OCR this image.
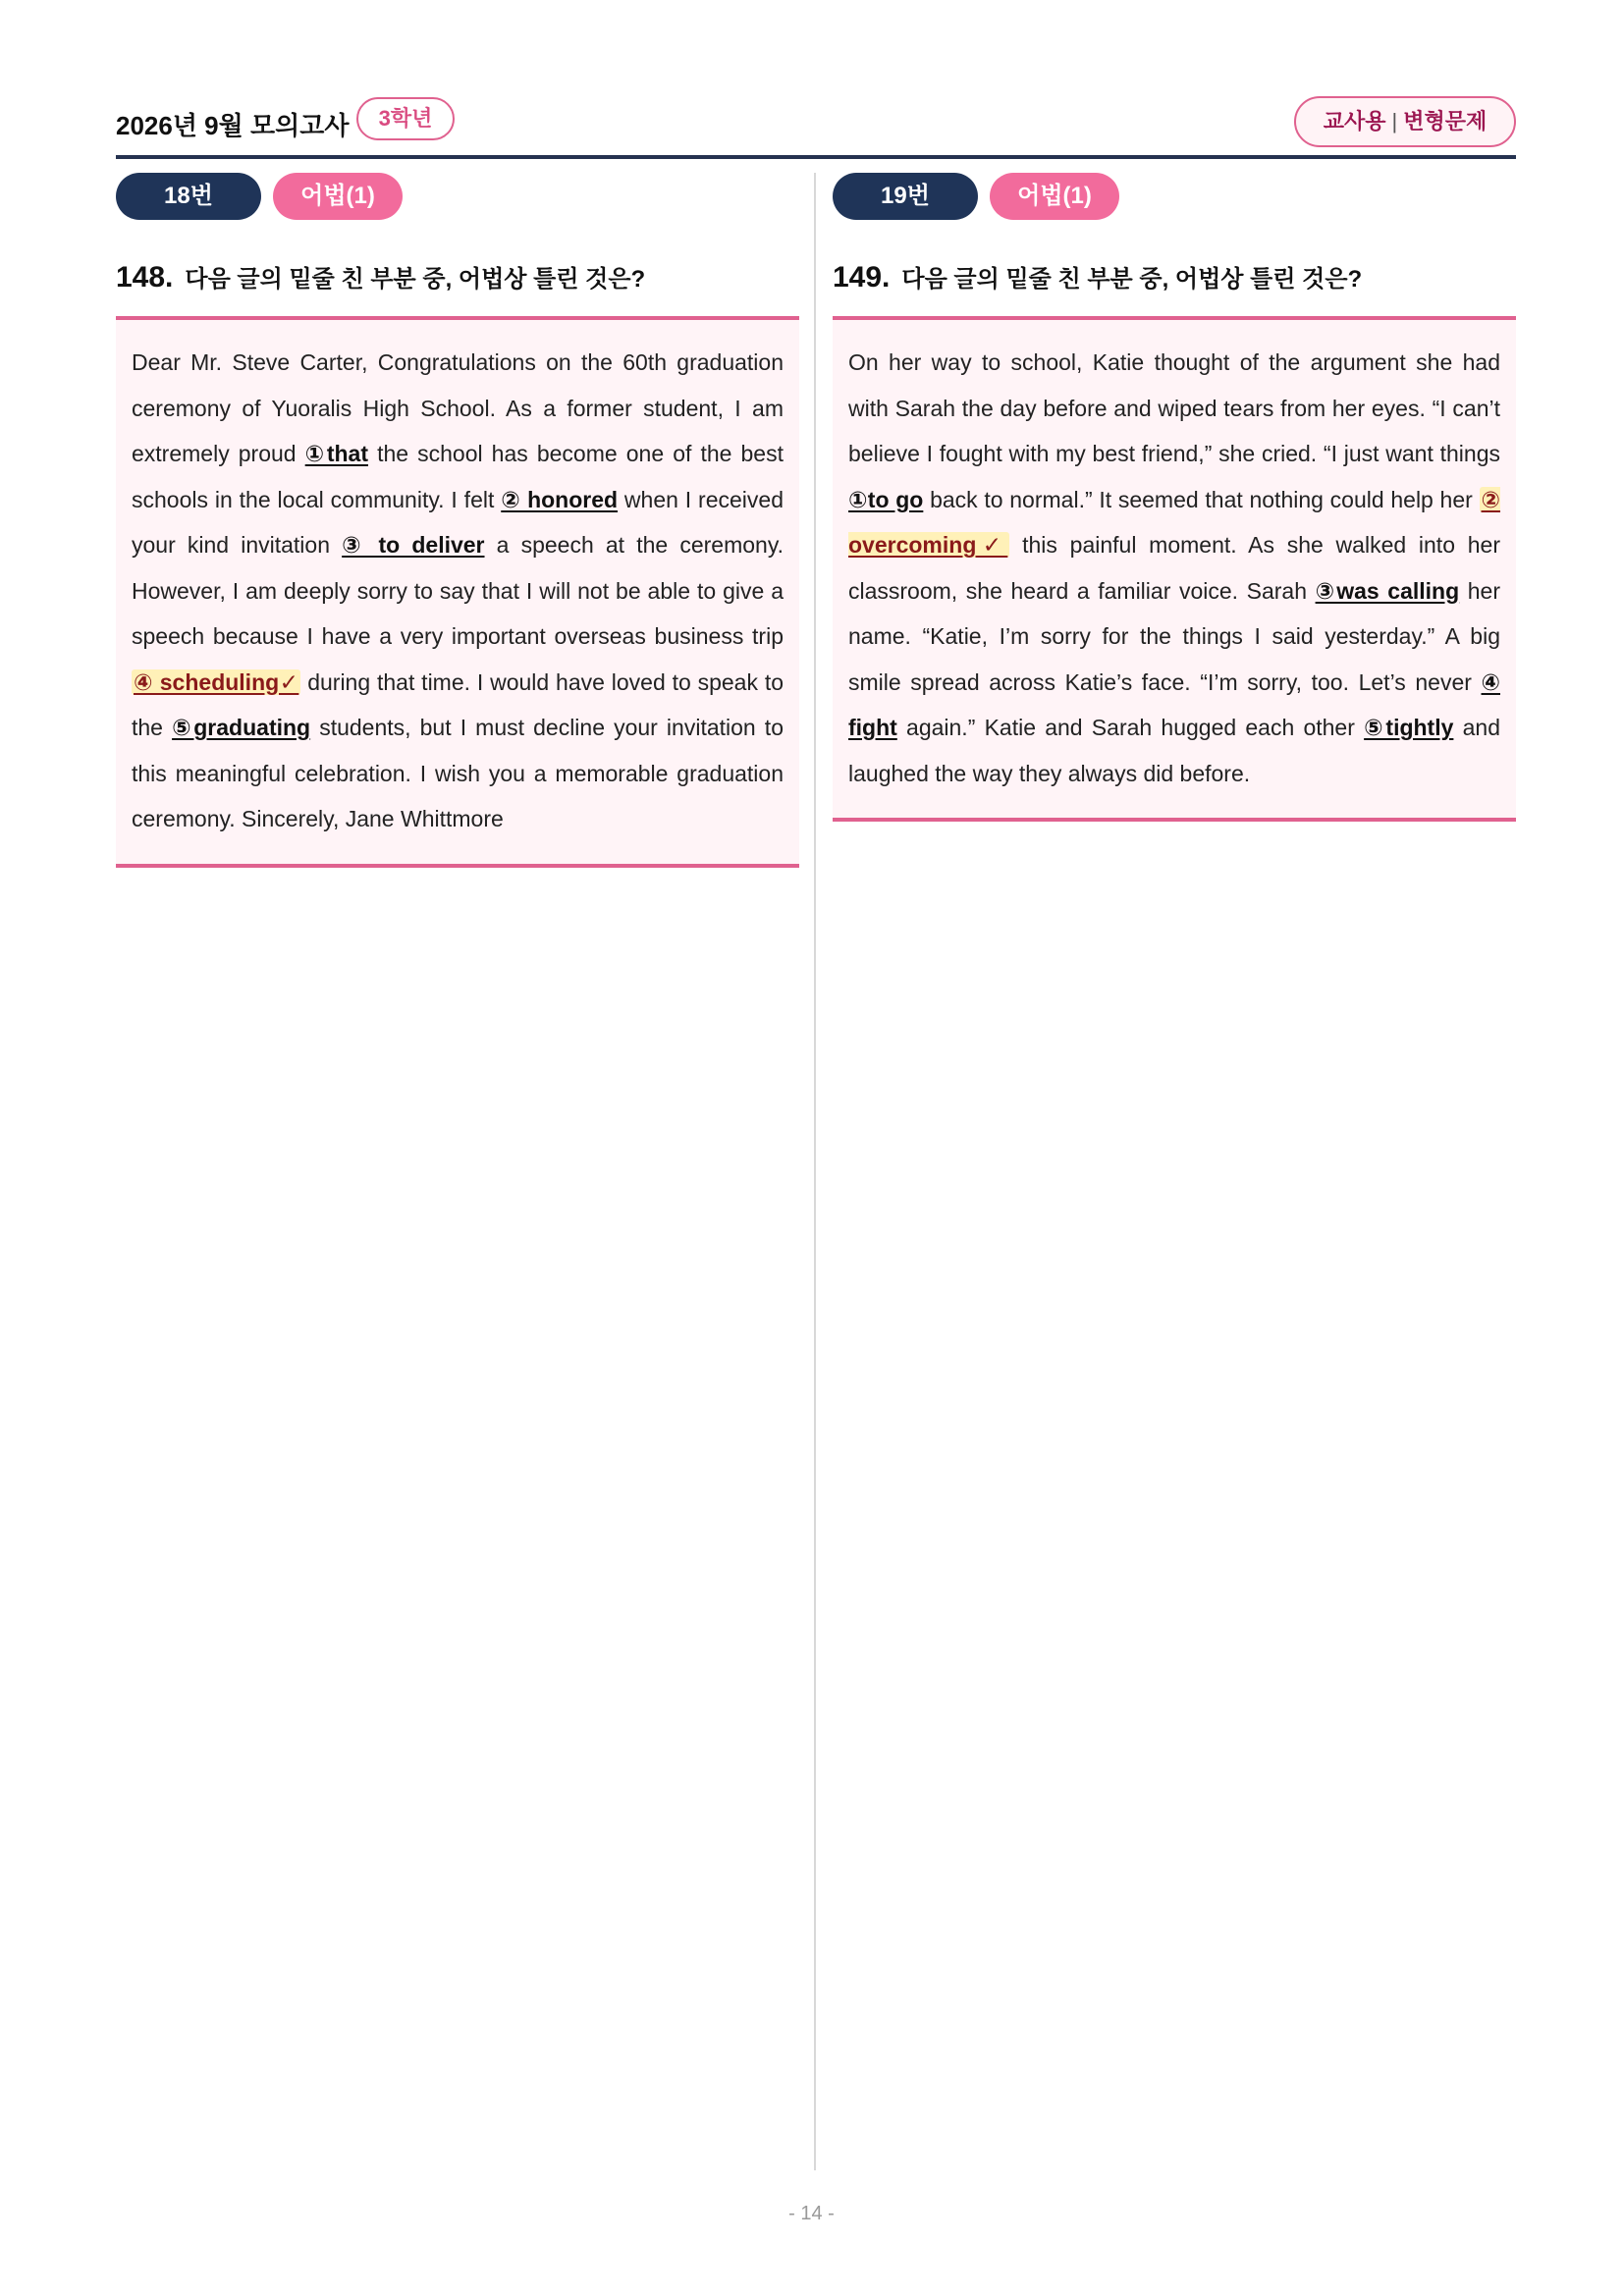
2026년 9월 모의고사	3학년	교사용 | 변형문제
18번	어법(1)
148. 다음 글의 밑줄 친 부분 중, 어법상 틀린 것은?
Dear Mr. Steve Carter, Congratulations on the 60th graduation ceremony of Yuoralis High School. As a former student, I am extremely proud ①that the school has become one of the best schools in the local community. I felt ② honored when I received your kind invitation ③ to deliver a speech at the ceremony. However, I am deeply sorry to say that I will not be able to give a speech because I have a very important overseas business trip ④ scheduling✓ during that time. I would have loved to speak to the ⑤graduating students, but I must decline your invitation to this meaningful celebration. I wish you a memorable graduation ceremony. Sincerely, Jane Whittmore
19번	어법(1)
149. 다음 글의 밑줄 친 부분 중, 어법상 틀린 것은?
On her way to school, Katie thought of the argument she had with Sarah the day before and wiped tears from her eyes. “I can’t believe I fought with my best friend,” she cried. “I just want things ①to go back to normal.” It seemed that nothing could help her ② overcoming✓ this painful moment. As she walked into her classroom, she heard a familiar voice. Sarah ③was calling her name. “Katie, I’m sorry for the things I said yesterday.” A big smile spread across Katie’s face. “I’m sorry, too. Let’s never ④ fight again.” Katie and Sarah hugged each other ⑤tightly and laughed the way they always did before.
- 14 -
